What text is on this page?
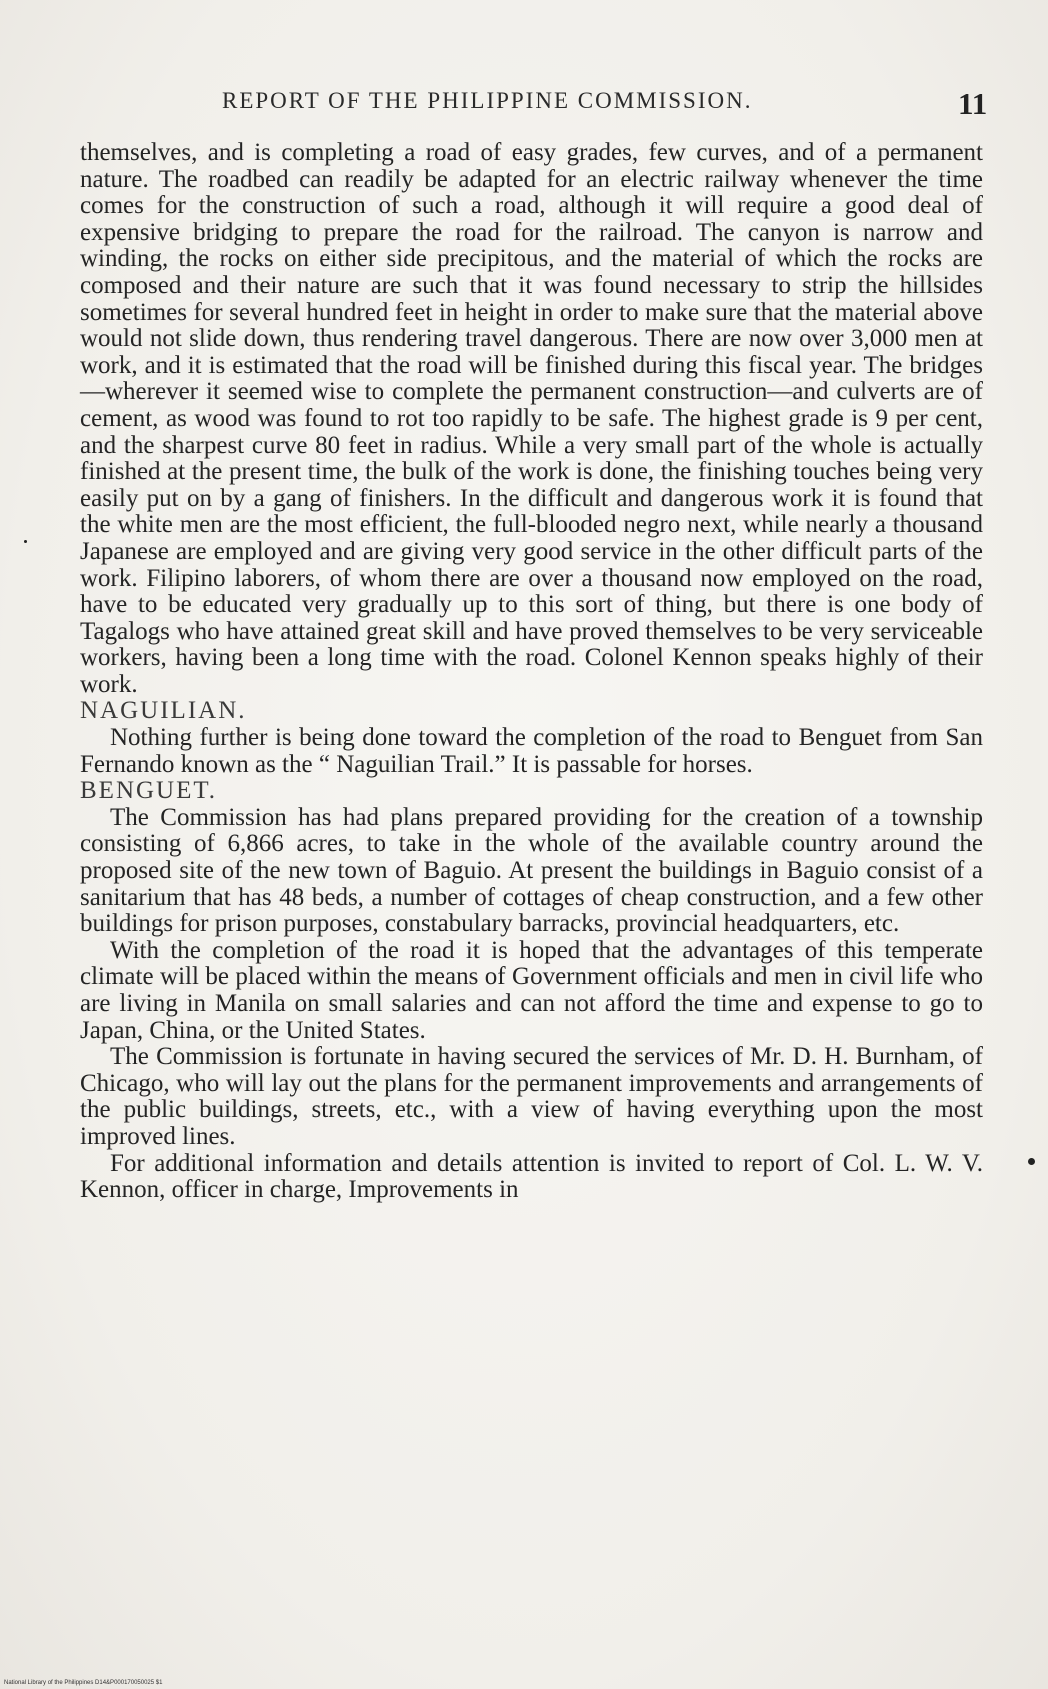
REPORT OF THE PHILIPPINE COMMISSION.	11

themselves, and is completing a road of easy grades, few curves, and of a permanent nature. The roadbed can readily be adapted for an electric railway whenever the time comes for the construction of such a road, although it will require a good deal of expensive bridging to prepare the road for the railroad. The canyon is narrow and winding, the rocks on either side precipitous, and the material of which the rocks are composed and their nature are such that it was found necessary to strip the hillsides sometimes for several hundred feet in height in order to make sure that the material above would not slide down, thus rendering travel dangerous. There are now over 3,000 men at work, and it is estimated that the road will be finished during this fiscal year. The bridges—wherever it seemed wise to complete the permanent construction—and culverts are of cement, as wood was found to rot too rapidly to be safe. The highest grade is 9 per cent, and the sharpest curve 80 feet in radius. While a very small part of the whole is actually finished at the present time, the bulk of the work is done, the finishing touches being very easily put on by a gang of finishers. In the difficult and dangerous work it is found that the white men are the most efficient, the full-blooded negro next, while nearly a thousand Japanese are employed and are giving very good service in the other difficult parts of the work. Filipino laborers, of whom there are over a thousand now employed on the road, have to be educated very gradually up to this sort of thing, but there is one body of Tagalogs who have attained great skill and have proved themselves to be very serviceable workers, having been a long time with the road. Colonel Kennon speaks highly of their work.

NAGUILIAN.

Nothing further is being done toward the completion of the road to Benguet from San Fernando known as the “ Naguilian Trail.” It is passable for horses.

BENGUET.

The Commission has had plans prepared providing for the creation of a township consisting of 6,866 acres, to take in the whole of the available country around the proposed site of the new town of Baguio. At present the buildings in Baguio consist of a sanitarium that has 48 beds, a number of cottages of cheap construction, and a few other buildings for prison purposes, constabulary barracks, provincial headquarters, etc.

With the completion of the road it is hoped that the advantages of this temperate climate will be placed within the means of Government officials and men in civil life who are living in Manila on small salaries and can not afford the time and expense to go to Japan, China, or the United States.

The Commission is fortunate in having secured the services of Mr. D. H. Burnham, of Chicago, who will lay out the plans for the permanent improvements and arrangements of the public buildings, streets, etc., with a view of having everything upon the most improved lines.

For additional information and details attention is invited to report of Col. L. W. V. Kennon, officer in charge, Improvements in

National Library of the Philippines D14&P000170050025 $1
